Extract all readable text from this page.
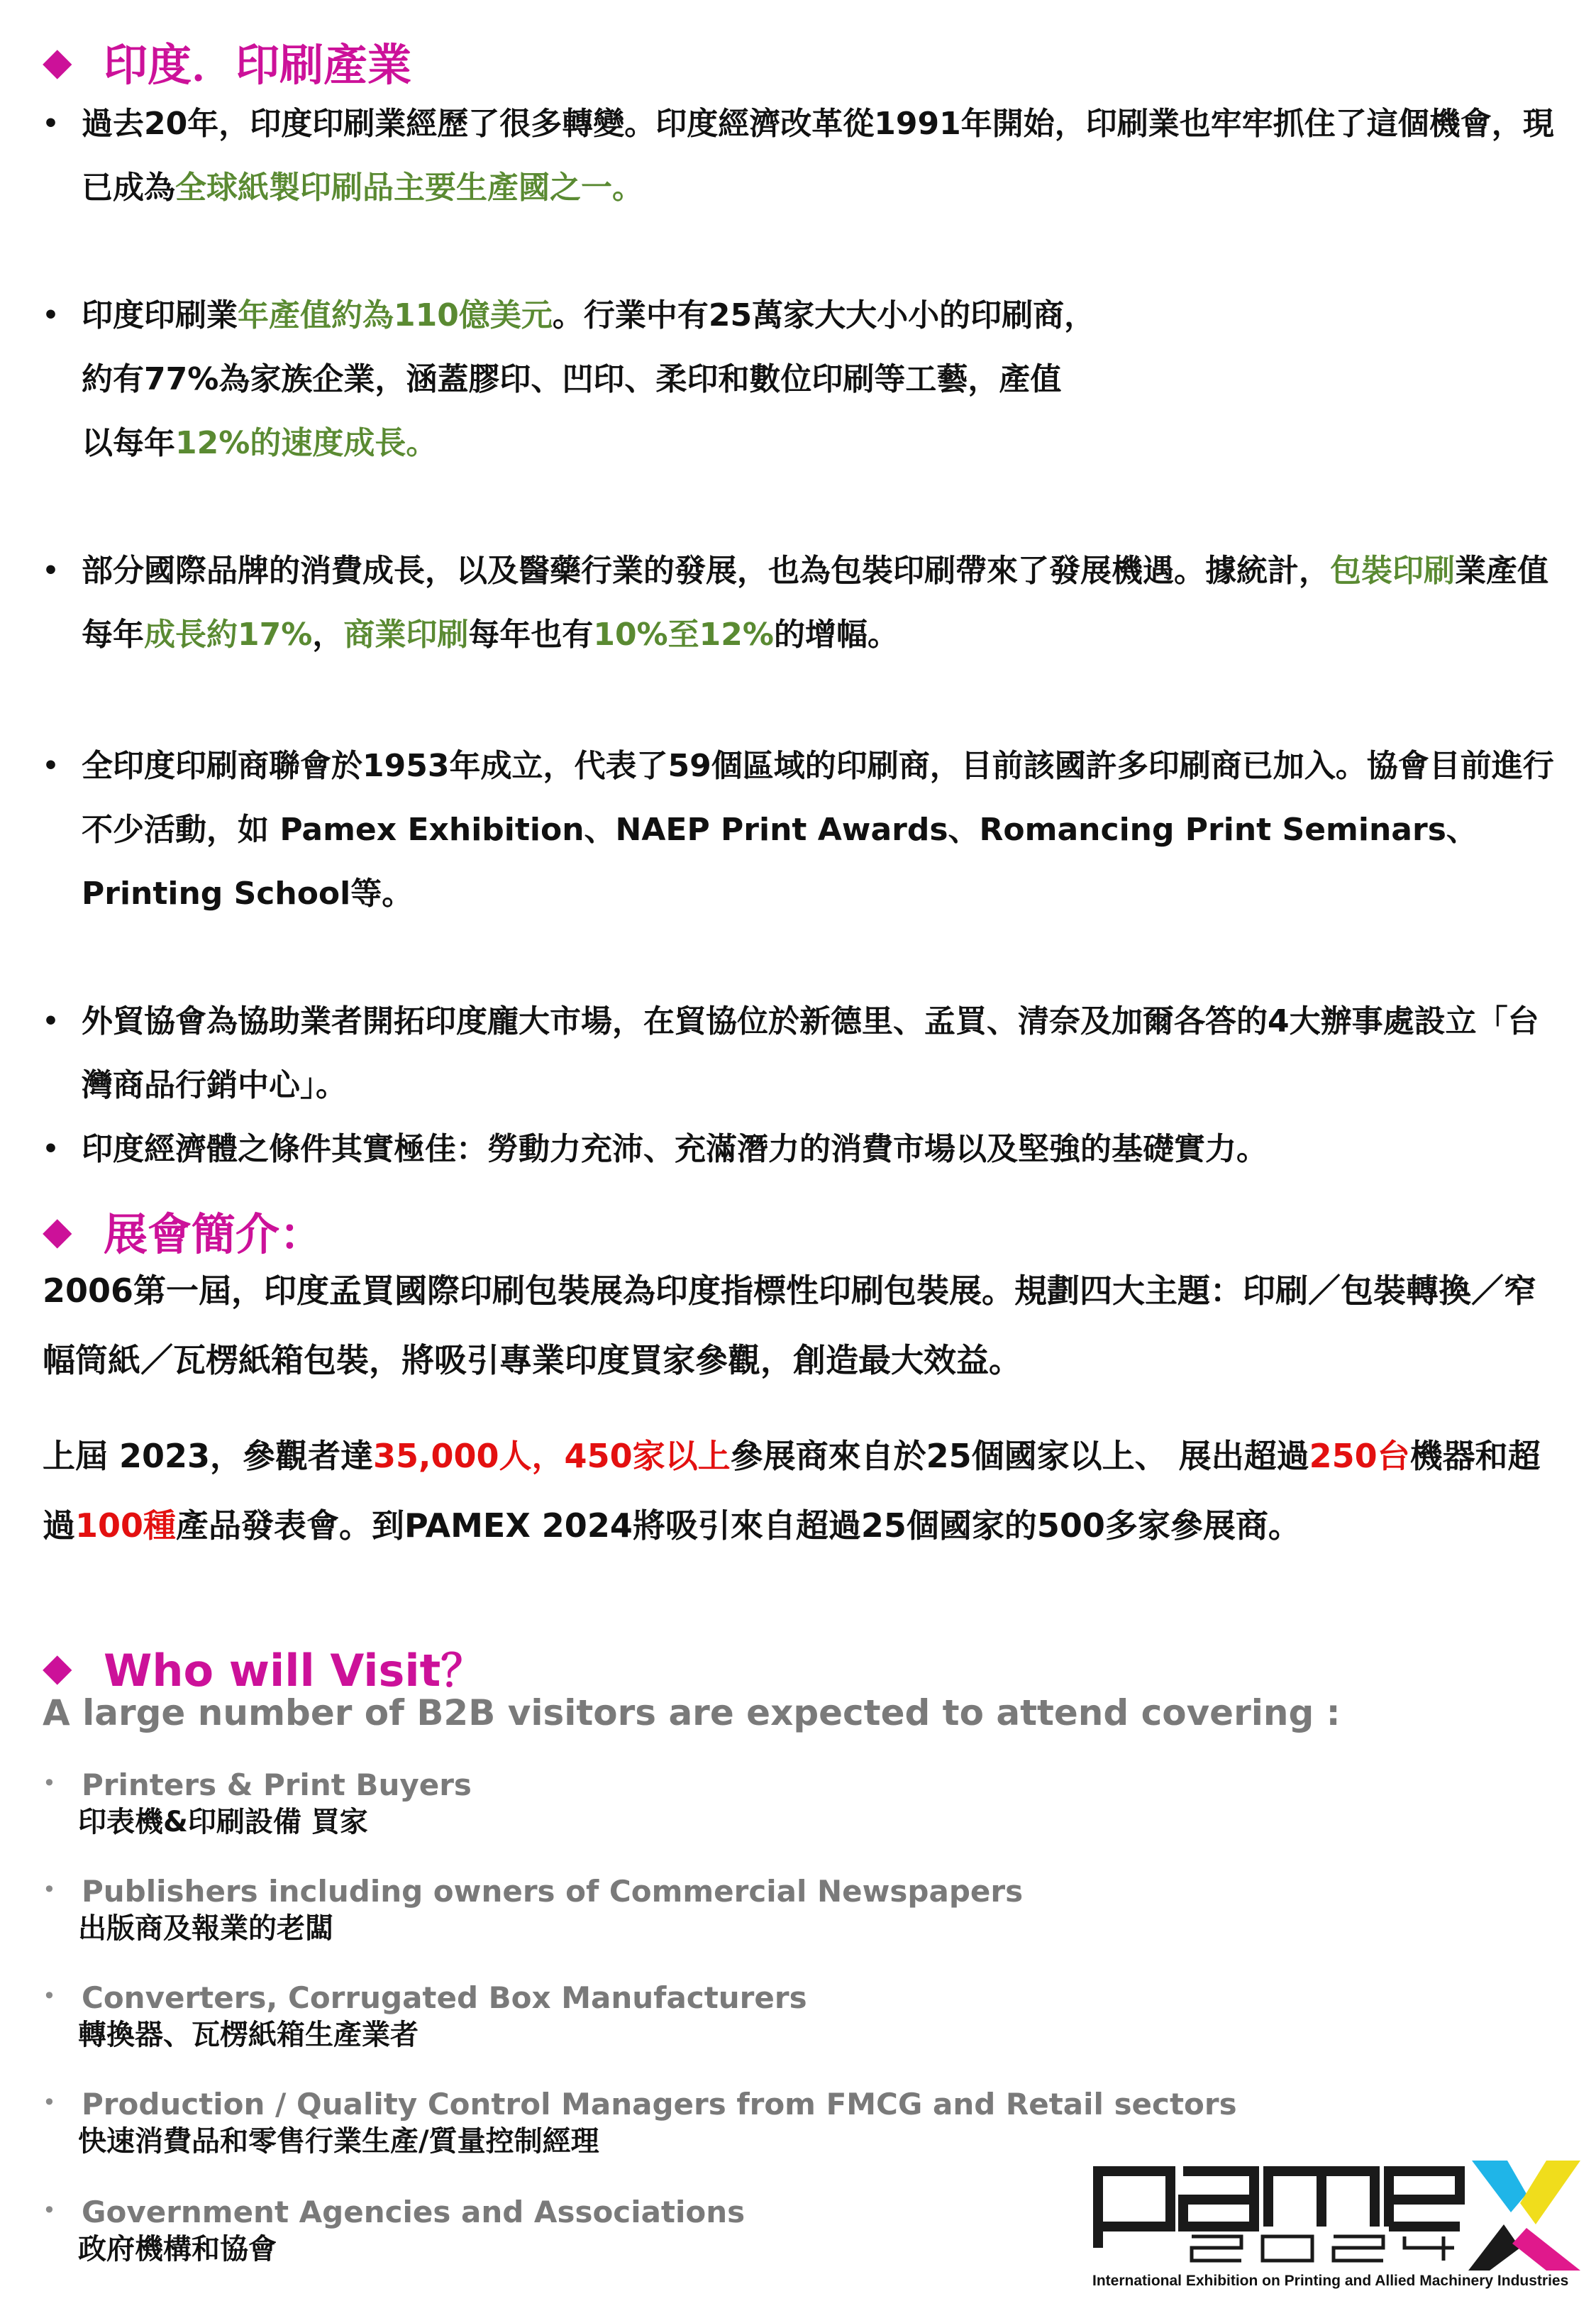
◆ 印度．印刷產業
• 過去20年，印度印刷業經歷了很多轉變。印度經濟改革從1991年開始，印刷業也牢牢抓住了這個機會，現已成為全球紙製印刷品主要生產國之一。
• 印度印刷業年產值約為110億美元。行業中有25萬家大大小小的印刷商，
約有77%為家族企業，涵蓋膠印、凹印、柔印和數位印刷等工藝，產值
以每年12%的速度成長。
• 部分國際品牌的消費成長，以及醫藥行業的發展，也為包裝印刷帶來了發展機遇。據統計，包裝印刷業產值每年成長約17%，商業印刷每年也有10%至12%的增幅。
• 全印度印刷商聯會於1953年成立，代表了59個區域的印刷商，目前該國許多印刷商已加入。協會目前進行不少活動，如 Pamex Exhibition、NAEP Print Awards、Romancing Print Seminars、Printing School等。
• 外貿協會為協助業者開拓印度龐大市場，在貿協位於新德里、孟買、清奈及加爾各答的4大辦事處設立「台灣商品行銷中心」。
• 印度經濟體之條件其實極佳：勞動力充沛、充滿潛力的消費市場以及堅強的基礎實力。
◆ 展會簡介：
2006第一屆，印度孟買國際印刷包裝展為印度指標性印刷包裝展。規劃四大主題：印刷／包裝轉換／窄幅筒紙／瓦楞紙箱包裝，將吸引專業印度買家參觀，創造最大效益。
上屆 2023，參觀者達35,000人，450家以上參展商來自於25個國家以上、 展出超過250台機器和超過100種產品發表會。到PAMEX 2024將吸引來自超過25個國家的500多家參展商。
◆ Who will Visit？
A large number of B2B visitors are expected to attend covering :
• Printers & Print Buyers
印表機&印刷設備 買家
• Publishers including owners of Commercial Newspapers
出版商及報業的老闆
• Converters, Corrugated Box Manufacturers
轉換器、瓦楞紙箱生產業者
• Production / Quality Control Managers from FMCG and Retail sectors
快速消費品和零售行業生產/質量控制經理
• Government Agencies and Associations
政府機構和協會
International Exhibition on Printing and Allied Machinery Industries
